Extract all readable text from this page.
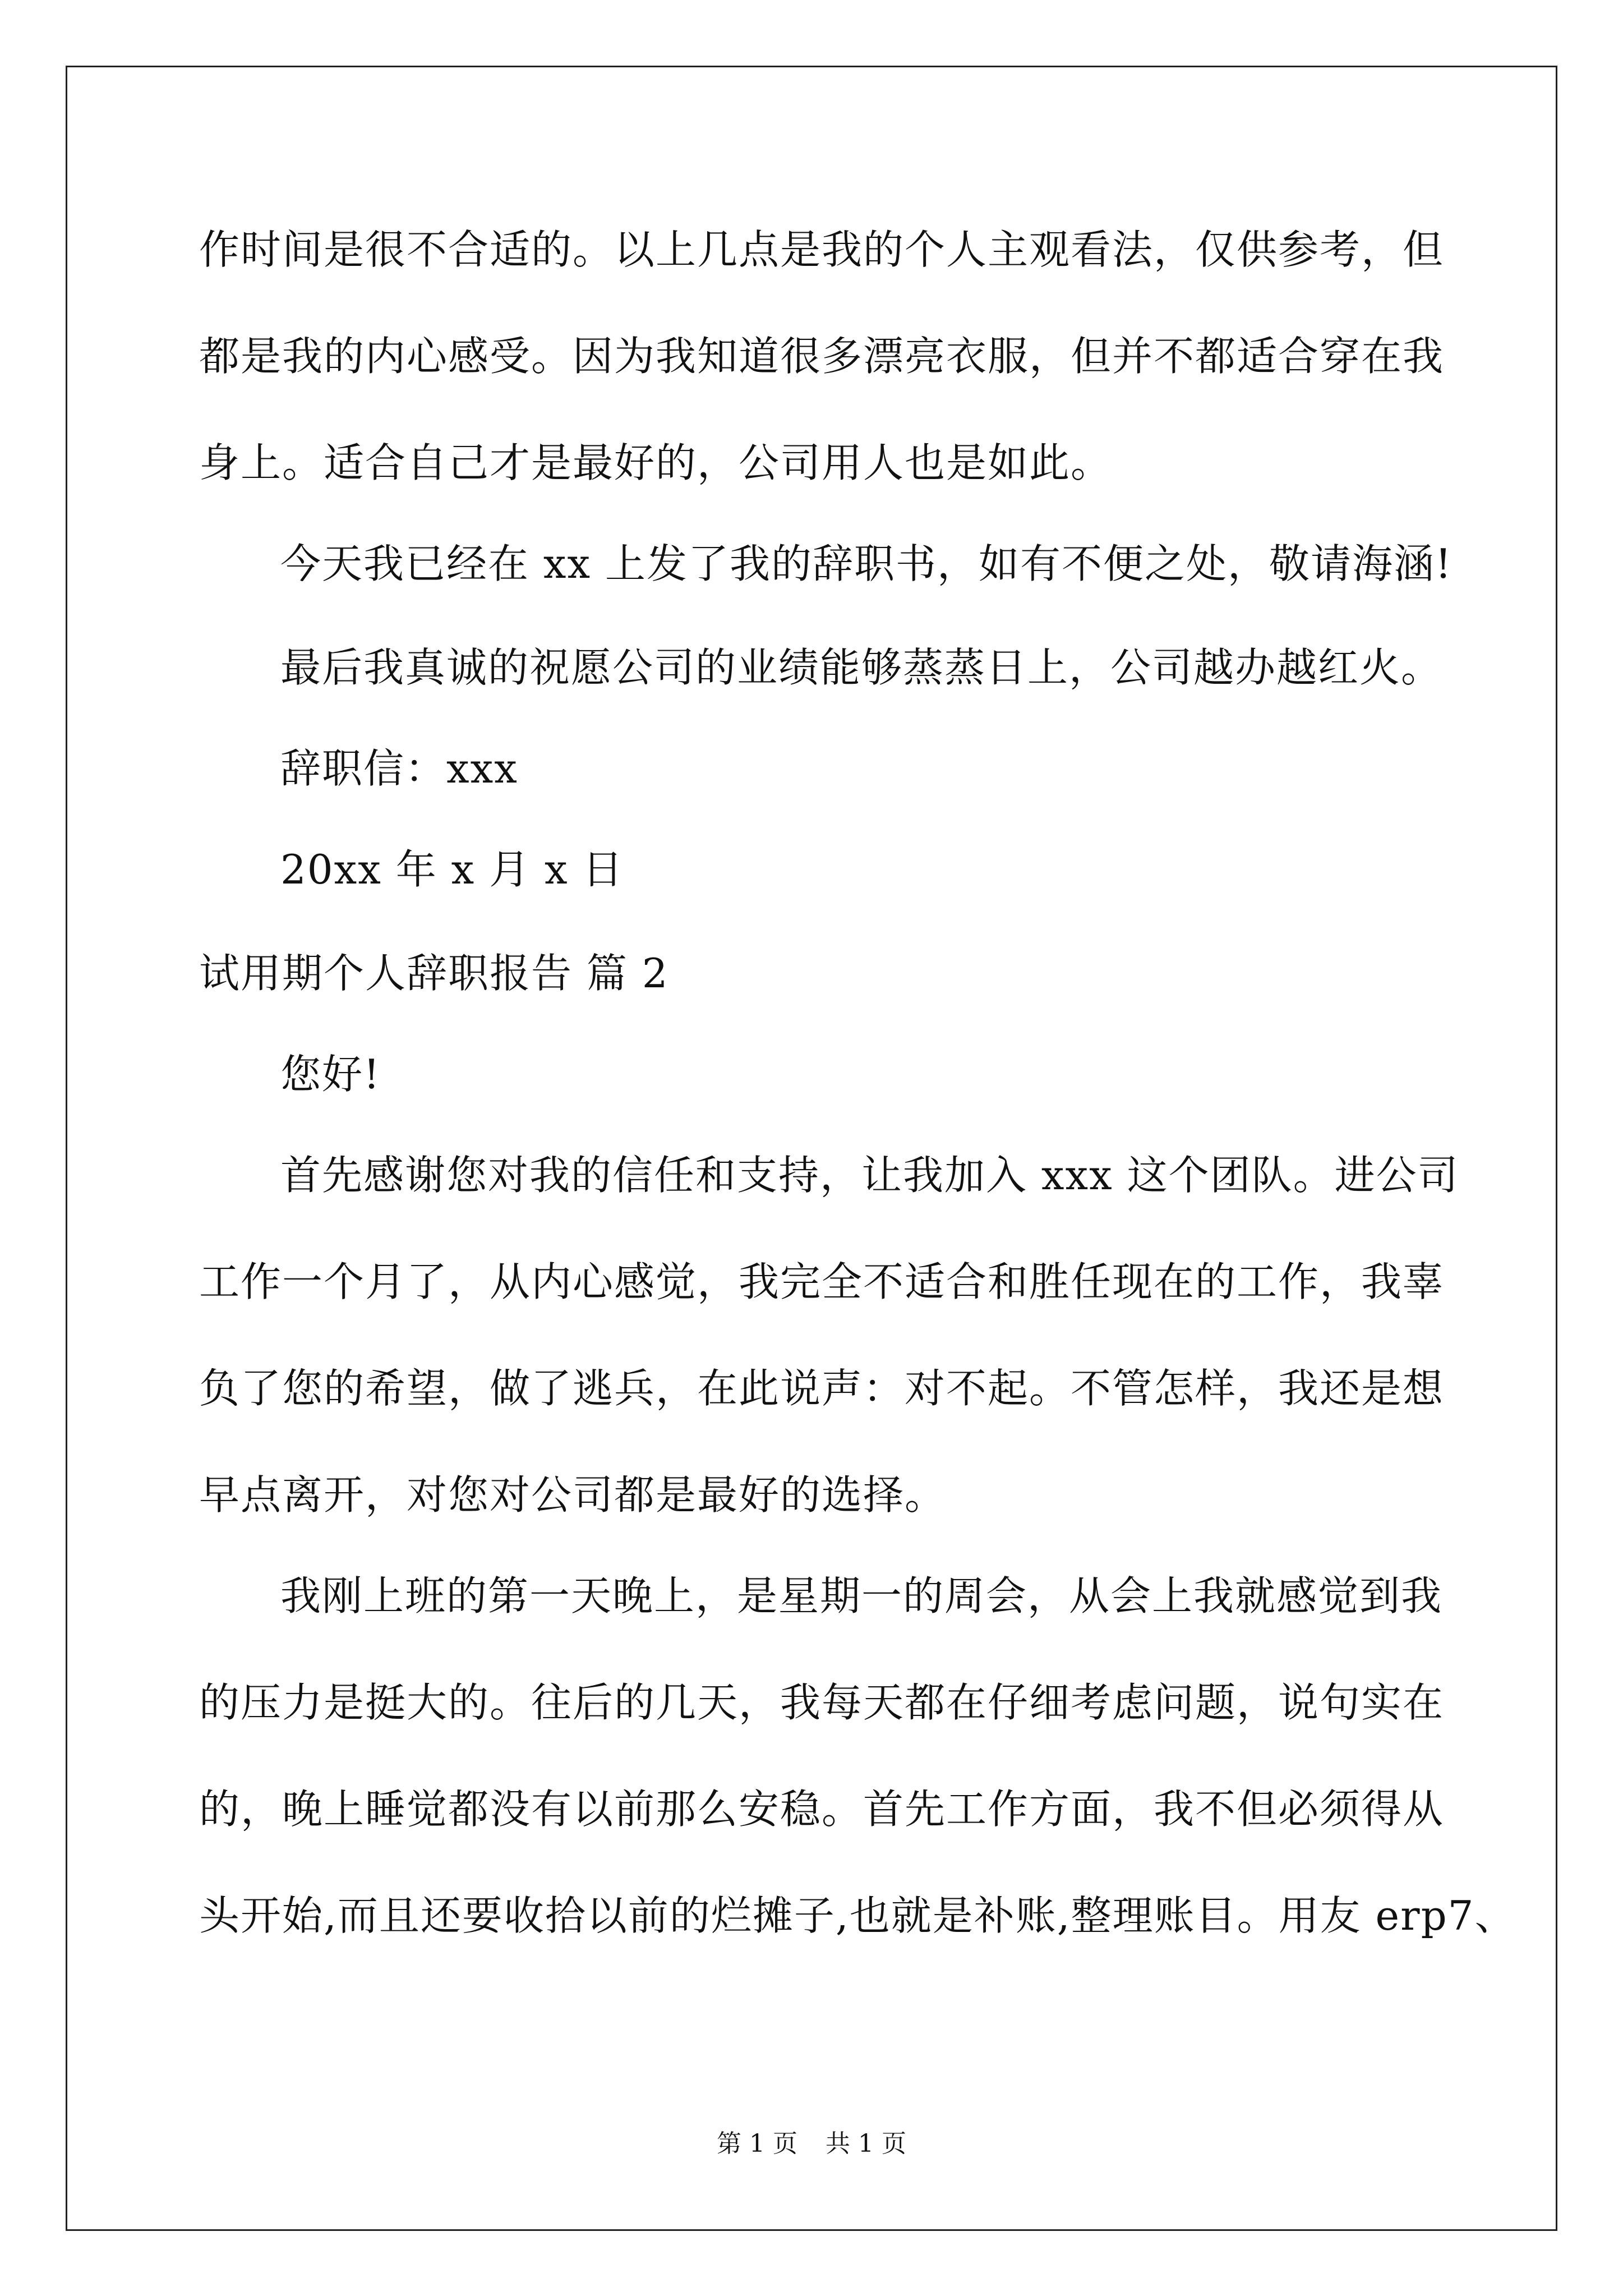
作时间是很不合适的。以上几点是我的个人主观看法，仅供参考，但

都是我的内心感受。因为我知道很多漂亮衣服，但并不都适合穿在我

身上。适合自己才是最好的，公司用人也是如此。

今天我已经在 xx 上发了我的辞职书，如有不便之处，敬请海涵!

最后我真诚的祝愿公司的业绩能够蒸蒸日上，公司越办越红火。

辞职信：xxx

20xx 年 x 月 x 日

试用期个人辞职报告 篇 2

您好!

首先感谢您对我的信任和支持，让我加入 xxx 这个团队。进公司

工作一个月了，从内心感觉，我完全不适合和胜任现在的工作，我辜

负了您的希望，做了逃兵，在此说声：对不起。不管怎样，我还是想

早点离开，对您对公司都是最好的选择。

我刚上班的第一天晚上，是星期一的周会，从会上我就感觉到我

的压力是挺大的。往后的几天，我每天都在仔细考虑问题，说句实在

的，晚上睡觉都没有以前那么安稳。首先工作方面，我不但必须得从

头开始,而且还要收拾以前的烂摊子,也就是补账,整理账目。用友 erp7、

第 1 页 共 1 页
